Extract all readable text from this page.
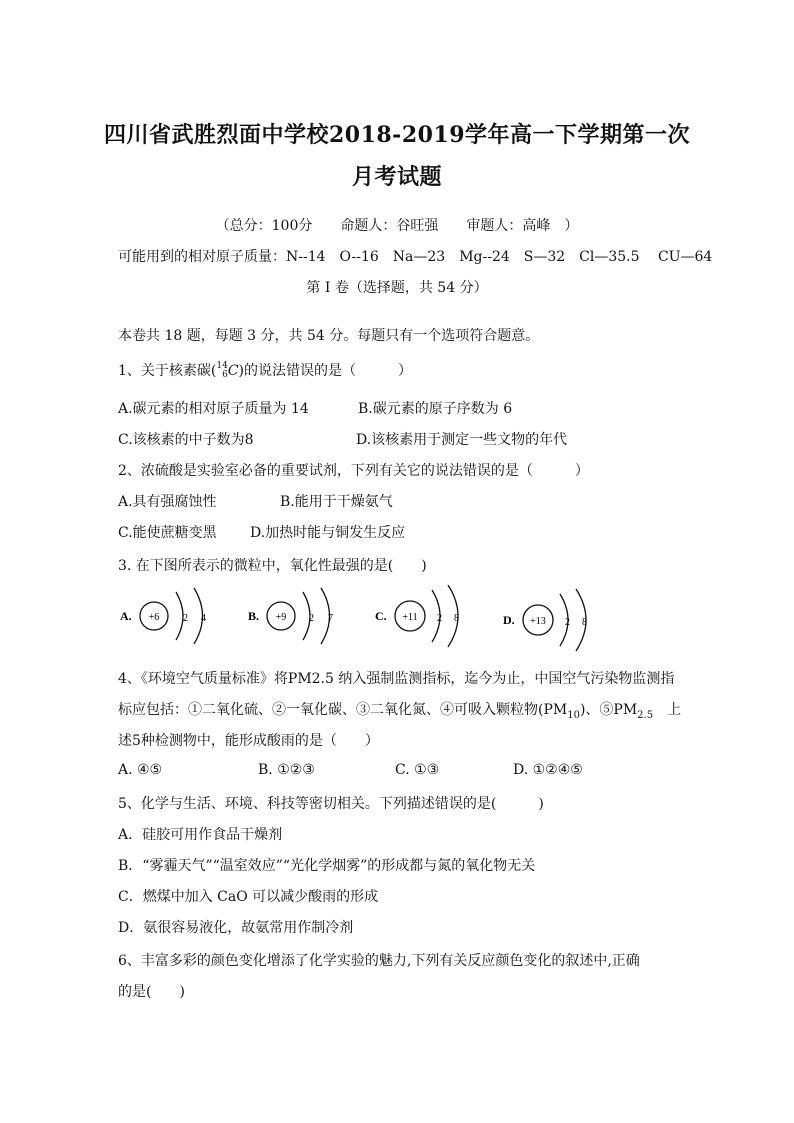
四川省武胜烈面中学校2018-2019学年高一下学期第一次
月考试题
（总分：100分　　命题人：谷旺强　　审题人：高峰　）
可能用到的相对原子质量：N--14　O--16　Na—23　Mg--24　S—32　Cl—35.5　 CU—64
第 I 卷（选择题，共 54 分）
本卷共 18 题，每题 3 分，共 54 分。每题只有一个选项符合题意。
1、关于核素碳(14
6C)的说法错误的是（　　　）
A.碳元素的相对原子质量为 14	B.碳元素的原子序数为 6
C.该核素的中子数为8	D.该核素用于测定一些文物的年代
2、浓硫酸是实验室必备的重要试剂，下列有关它的说法错误的是（　　　）
A.具有强腐蚀性	B.能用于干燥氨气
C.能使蔗糖变黑 D.加热时能与铜发生反应
3. 在下图所表示的微粒中，氧化性最强的是(　　)
A. +6 2 4	B. +9 2 7	C. +11 2 8	D. +13 2 8
4、《环境空气质量标准》将PM2.5 纳入强制监测指标，迄今为止，中国空气污染物监测指
标应包括：①二氧化硫、②一氧化碳、③二氧化氮、④可吸入颗粒物$(PM_{10})$、$⑤PM_{2.5}$　上
述5种检测物中，能形成酸雨的是（　　）
A. ④⑤	B. ①②③	C. ①③	D. ①②④⑤
5、化学与生活、环境、科技等密切相关。下列描述错误的是(　　　)
A．硅胶可用作食品干燥剂
B．“雾霾天气”“温室效应”“光化学烟雾”的形成都与氮的氧化物无关
C．燃煤中加入 CaO 可以减少酸雨的形成
D．氨很容易液化，故氨常用作制冷剂
6、丰富多彩的颜色变化增添了化学实验的魅力,下列有关反应颜色变化的叙述中,正确
的是(　　)
